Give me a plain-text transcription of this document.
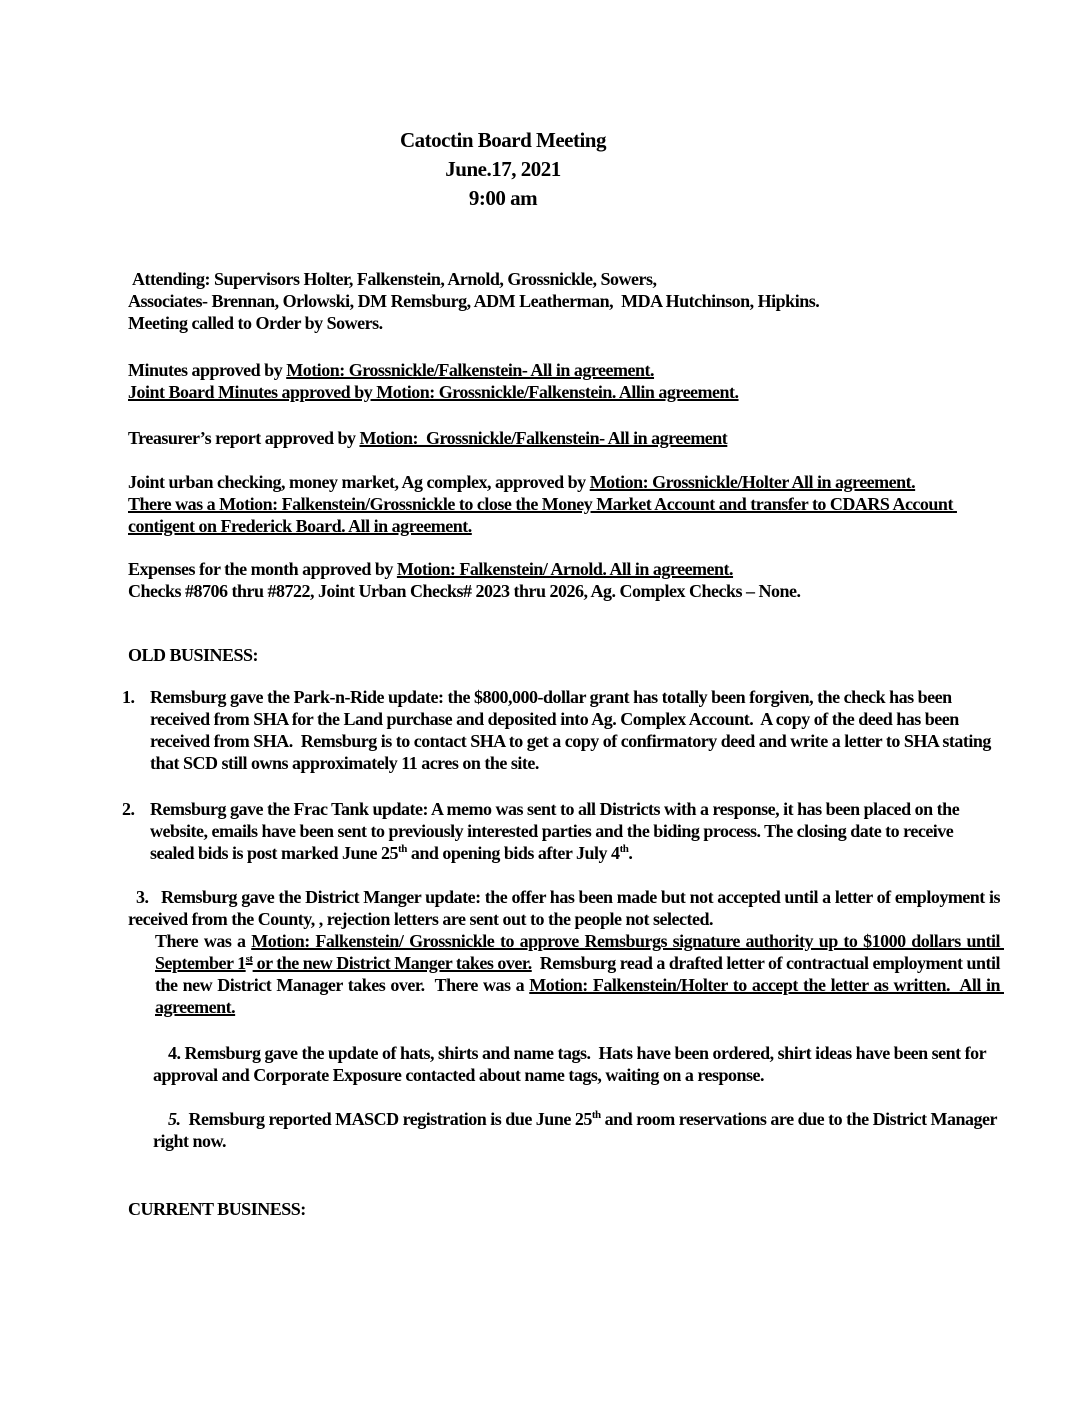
Catoctin Board Meeting
June.17, 2021
9:00 am

Attending: Supervisors Holter, Falkenstein, Arnold, Grossnickle, Sowers,
Associates- Brennan, Orlowski, DM Remsburg, ADM Leatherman,  MDA Hutchinson, Hipkins.
Meeting called to Order by Sowers.

Minutes approved by Motion: Grossnickle/Falkenstein- All in agreement.
Joint Board Minutes approved by Motion: Grossnickle/Falkenstein. Allin agreement.

Treasurer’s report approved by Motion:  Grossnickle/Falkenstein- All in agreement

Joint urban checking, money market, Ag complex, approved by Motion: Grossnickle/Holter All in agreement.
There was a Motion: Falkenstein/Grossnickle to close the Money Market Account and transfer to CDARS Account contigent on Frederick Board. All in agreement.

Expenses for the month approved by Motion: Falkenstein/ Arnold. All in agreement.
Checks #8706 thru #8722, Joint Urban Checks# 2023 thru 2026, Ag. Complex Checks – None.

OLD BUSINESS:

1. Remsburg gave the Park-n-Ride update: the $800,000-dollar grant has totally been forgiven, the check has been received from SHA for the Land purchase and deposited into Ag. Complex Account.  A copy of the deed has been received from SHA.  Remsburg is to contact SHA to get a copy of confirmatory deed and write a letter to SHA stating that SCD still owns approximately 11 acres on the site.

2. Remsburg gave the Frac Tank update: A memo was sent to all Districts with a response, it has been placed on the website, emails have been sent to previously interested parties and the biding process. The closing date to receive sealed bids is post marked June 25th and opening bids after July 4th.

3.   Remsburg gave the District Manger update: the offer has been made but not accepted until a letter of employment is received from the County, , rejection letters are sent out to the people not selected.

There was a Motion: Falkenstein/ Grossnickle to approve Remsburgs signature authority up to $1000 dollars until September 1st or the new District Manger takes over.  Remsburg read a drafted letter of contractual employment until the new District Manager takes over.  There was a Motion: Falkenstein/Holter to accept the letter as written.  All in agreement.

4. Remsburg gave the update of hats, shirts and name tags.  Hats have been ordered, shirt ideas have been sent for approval and Corporate Exposure contacted about name tags, waiting on a response.

5.  Remsburg reported MASCD registration is due June 25th and room reservations are due to the District Manager right now.

CURRENT BUSINESS:
